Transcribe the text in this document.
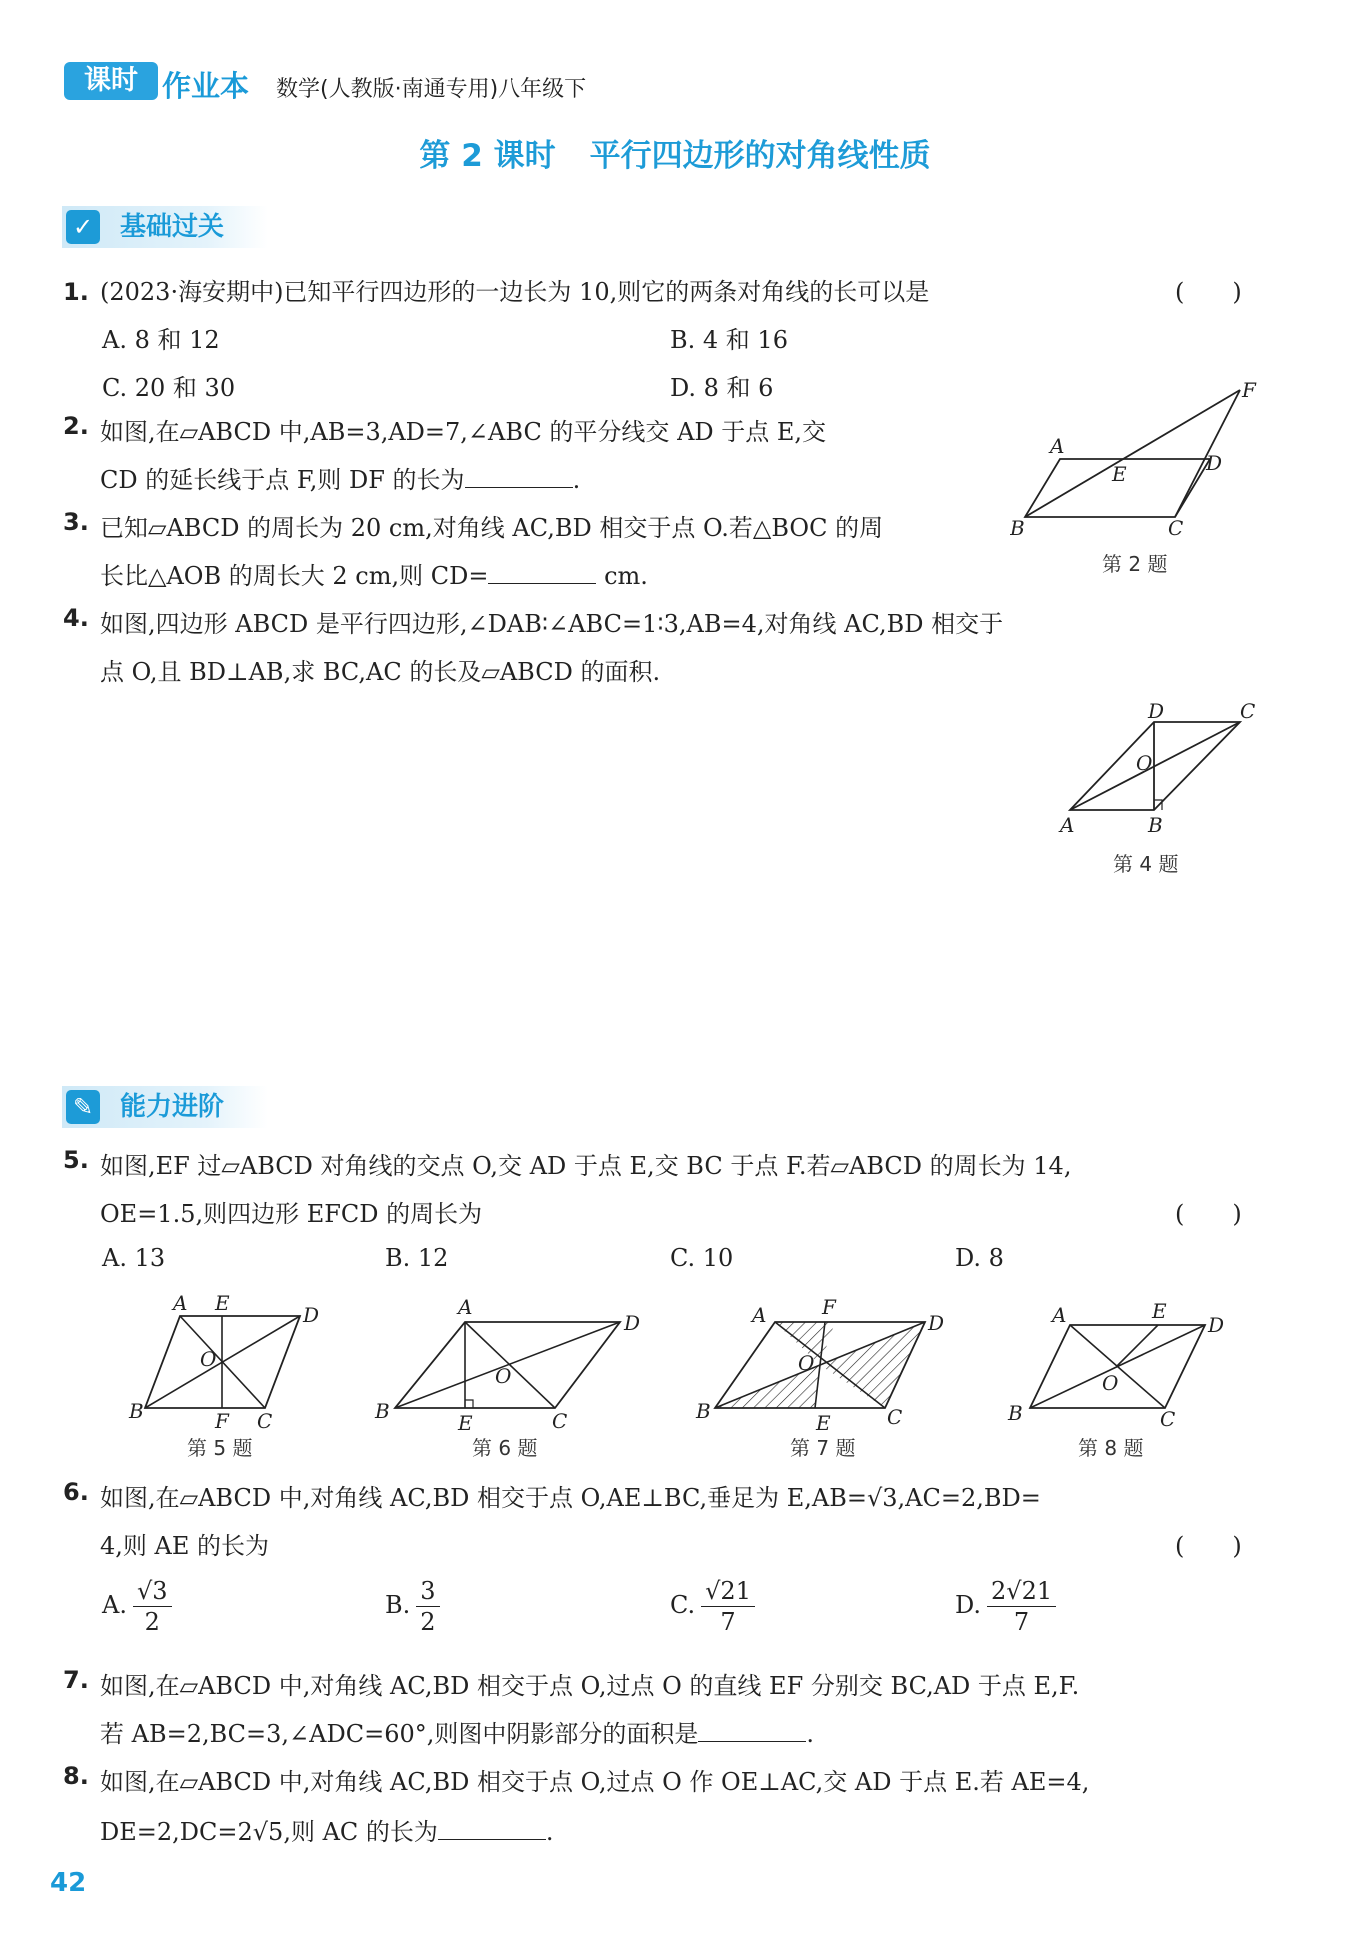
课时 作业本 数学(人教版·南通专用)八年级下
第 2 课时 平行四边形的对角线性质
✓ 基础过关
1. (2023·海安期中)已知平行四边形的一边长为 10,则它的两条对角线的长可以是	(　　)
A. 8 和 12	B. 4 和 16
C. 20 和 30	D. 8 和 6
2. 如图,在▱ABCD 中,AB=3,AD=7,∠ABC 的平分线交 AD 于点 E,交
CD 的延长线于点 F,则 DF 的长为	.
A
B	C
D
E
F
第 2 题
3. 已知▱ABCD 的周长为 20 cm,对角线 AC,BD 相交于点 O.若△BOC 的周
长比△AOB 的周长大 2 cm,则 CD=	cm.
4. 如图,四边形 ABCD 是平行四边形,∠DAB∶∠ABC=1∶3,AB=4,对角线 AC,BD 相交于
点 O,且 BD⊥AB,求 BC,AC 的长及▱ABCD 的面积.
A	B
C
D
O
第 4 题
✎ 能力进阶
5. 如图,EF 过▱ABCD 对角线的交点 O,交 AD 于点 E,交 BC 于点 F.若▱ABCD 的周长为 14,
OE=1.5,则四边形 EFCD 的周长为	(　　)
A. 13	B. 12	C. 10	D. 8
A E	D
B	F C
O
第 5 题
A
D
B	E	C
O
第 6 题
A	F
D
B	E	C
O
第 7 题
A	E
D
B	C
O
第 8 题
6. 如图,在▱ABCD 中,对角线 AC,BD 相交于点 O,AE⊥BC,垂足为 E,AB=√3,AC=2,BD=
4,则 AE 的长为	(　　)
A. $\frac{√3}{2}$	B. $\frac{3}{2}$	C. $\frac{√21}{7}$	D. $\frac{2√21}{7}$
7. 如图,在▱ABCD 中,对角线 AC,BD 相交于点 O,过点 O 的直线 EF 分别交 BC,AD 于点 E,F.
若 AB=2,BC=3,∠ADC=60°,则图中阴影部分的面积是	.
8. 如图,在▱ABCD 中,对角线 AC,BD 相交于点 O,过点 O 作 OE⊥AC,交 AD 于点 E.若 AE=4,
DE=2,DC=2√5,则 AC 的长为	.
42
